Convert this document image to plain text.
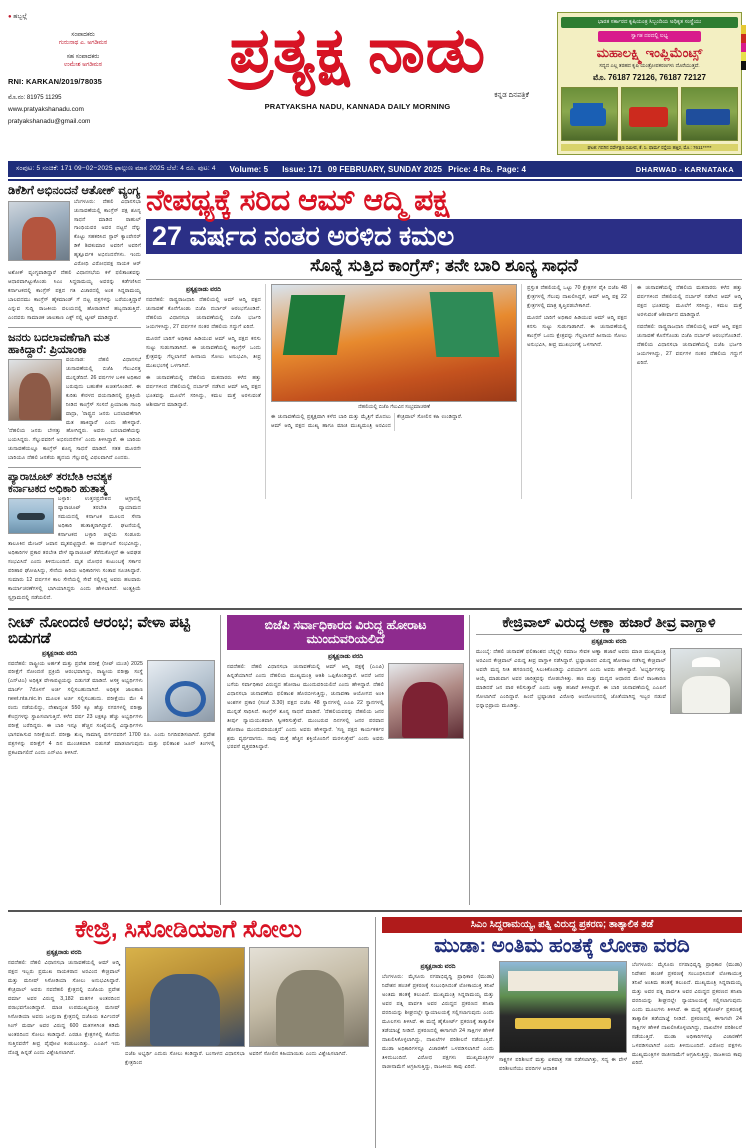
● ಹಬ್ಬಲ್ಲೆ
ಸಂಪಾದಕರು
ಗುರುನಾಥ ಎ. ಅಗಡಿಮಠ
ಸಹ ಸಂಪಾದಕರು
ಉಮೇಶ ಅಗಡಿಮಠ
RNI: KARKAN/2019/78035
ಮೊ.ನಂ: 81975 11295
www.pratyakshanadu.com
pratyakshanadu@gmail.com
ಪ್ರತ್ಯಕ್ಷ ನಾಡು
ಕನ್ನಡ ದಿನಪತ್ರಿಕೆ
PRATYAKSHA NADU, KANNADA DAILY MORNING
ಭಾರತ ಸರ್ಕಾರದ ಕೃಷಿಯಂತ್ರ ಸಿಬ್ಬಂದಿಯ ಅಧಿಕೃತ ಸಂಸ್ಥೆಯು
ಸ್ವಾಗತ ದರದಲ್ಲಿ ಲಭ್ಯ
ಮಹಾಲಕ್ಷ್ಮಿ ಇಂಪ್ಲಿಮೆಂಟ್ಸ್
ಸದ್ಯದ ಎಲ್ಲ ತರಹದ ಕೃಷಿ ಯಂತ್ರೋಪಕರಣಗಳು ದೊರೆಯುತ್ತವೆ.
ಮೊ. 76187 72126, 76187 72127
ಘಟಕ: ಗದಗಿನ ಸರ್ವೇಕ್ಷಣ ಸಮೀಪ, ಕೆ. ಸಿ. ಫಾರ್ಮ ರಸ್ತೆಯ ಹತ್ತಿರ, ಮೊ.: 7611*****
ಸಂಪುಟ: 5 ಸಂಚಿಕೆ: 171 09−02−2025 ಫಾಲ್ಗುಣ ಮಾಸ 2025 ಬೆಲೆ: 4 ರೂ. ಪುಟ: 4 Volume: 5 Issue: 171 09 FEBRUARY, SUNDAY 2025 Price: 4 Rs. Page: 4	DHARWAD - KARNATAKA
ಡಿಕೆಶಿಗೆ ಅಭಿನಂದನೆ ಆತೋಕ್ ವ್ಯಂಗ್ಯ
ಬೆಂಗಳೂರು: ದೆಹಲಿ ವಿಧಾನಸಭಾ ಚುನಾವಣೆಯಲ್ಲಿ ಕಾಂಗ್ರೆಸ್ ಪಕ್ಷ ಶೂನ್ಯ ಸಾಧನೆ ಮಾಡಿದ ರಾಹುಲ್ ಗಾಂಧಿಯವರ ಅವರ ದಟ್ಟನೆ ದೆನ್ನು ಕೊಟ್ಟು ಸಹಕರಿಸಿದ ಸ್ಟಾರ್ ಕ್ಯಾಂಪೇನರ್ ಡಿಕೆ ಶಿವಕುಮಾರ ಅವರಿಗೆ ಅವರಿಗೆ ಹೃತ್ಪೂರ್ವಕ ಅಭಿನಂದನೆಗಳು. ಇಂದು ವಿರೋಧಿ ವಿರೋಧಪಕ್ಷ ನಾಯಕ ಆರ್ ಅಶೋಕ್ ವ್ಯಂಗ್ಯವಾಡಿದ್ದಾರೆ ದೆಹಲಿ ವಿಧಾನಸಭೆಯ ಕಳೆ ಫಲಿತಾಂಶವನ್ನು ಆಧಾರವಾಗಿಟ್ಟುಕೊಂಡು ಸಿಎಂ ಸಿದ್ದರಾಮಯ್ಯ ಅವರನ್ನು ಕಡೆಗಣಿಸಿದ ಕರ್ನಾಟಕದಲ್ಲಿ ಕಾಂಗ್ರೆಸ್ ಪಕ್ಷದ ಗತಿ ವಿಚಾರದಲ್ಲಿ ಅಂತ ಸಿದ್ದರಾಮಯ್ಯ ಬಾಲವದಮು ಕಾಂಗ್ರೆಸ್ ಹೈಕಮಾಂಡ್ ಗೆ ದಟ್ಟ ಪತ್ರಗಳನ್ನು ಬರೆಯುತ್ತಿದ್ದಾರೆ ಎನ್ನುವ ಸುದ್ದಿ ರಾಜಕೀಯ ವಲಯದಲ್ಲಿ ಹೊರಾಡಗಿದೆ ಹಬ್ಬದಾಡುತ್ತಿದೆ. ಎಂದವರು ಸಾಮಾಜಿಕ ಜಾಲತಾಣ ಎಕ್ಸ್ ನಲ್ಲಿ ಟ್ವೀಟ್ ಮಾಡಿದ್ದಾರೆ.
ಜನರು ಬದಲಾವಣೆಗಾಗಿ ಮತ ಹಾಕಿದ್ದಾರೆ: ಪ್ರಿಯಾಂಕಾ
ವಯನಾಡ: ದೆಹಲಿ ವಿಧಾನಸಭೆ ಚುನಾವಣೆಯಲ್ಲಿ ಬಿಜೆಪಿ ಗೆಲುವಿನತ್ತ ಮುನ್ನಡೆದಿದೆ. 26 ವರ್ಷಗಳ ಬಳಿಕ ಅಧಿಕಾರ ಬರುವುದು ಬಹುತೇಕ ಖಚಿತಗೊಂಡಿದೆ. ಈ ಕುರಿತು ಕೇರಳದ ವಯನಾಡಿನಲ್ಲಿ ಪ್ರತಿಕ್ರಿಯೆ ನೀಡಿದ ಕಾಂಗ್ರೆಸ್ ಸಂಸದೆ ಪ್ರಿಯಾಂಕಾ ಗಾಂಧಿ ವಾದ್ರಾ, 'ರಾಷ್ಟ್ರದ ಜನರು ಬದಲಾವಣೆಗಾಗಿ ಮತ ಹಾಕಿದ್ದಾರೆ' ಎಂದು ಹೇಳಿದ್ದಾರೆ. 'ದೆಹಲಿಯ ಜನರು ಬೇಸತ್ತು ಹೋಗಿದ್ದರು. ಅವರು ಬದಲಾವಣೆಯನ್ನು ಬಯಸಿದ್ದರು. ಗೆಲ್ಲುವವರಿಗೆ ಅಭಿನಂದನೆಗಳ' ಎಂದು ತಿಳಿಸಿದ್ದಾರೆ. ಈ ಬಾರಿಯ ಚುನಾವಣೆಯಲ್ಲೂ ಕಾಂಗ್ರೆಸ್ ಶೂನ್ಯ ಸಾಧನೆ ಮಾಡಿದೆ. ಸತತ ಮೂರನೇ ಬಾರಿಯೂ ದೆಹಲಿ ಜನತೆಯ ಹೃದಯ ಗೆಲ್ಲುವಲ್ಲಿ ವಿಫಲವಾಗಿದೆ ಎಂದರು.
ಪ್ಯಾರಾಚೂಟ್ ತರಬೇತಿ ಆವಶ್ಯಕ ಕರ್ನಾಟಕದ ಅಧಿಕಾರಿ ಹುತಾತ್ಮ
ಬಳ್ಳಾರಿ: ಉತ್ತರಪ್ರದೇಶದ ಆಗ್ರಾದಲ್ಲಿ ಪ್ಯಾರಾಚೂಟ್ ತರಬೇತಿ ವ್ಯಾಯಾಮದ ಸಮಯದಲ್ಲಿ ಕರ್ನಾಟಕ ಮೂಲದ ಸೇನಾ ಅಧಿಕಾರಿ ಹುತಾತ್ಮರಾಗಿದ್ದಾರೆ. ಘಟನೆಯಲ್ಲಿ ಕರ್ನಾಟಕದ ಬಳ್ಳಾರಿ ಜಿಲ್ಲೆಯ ಸಂಡೂರು ತಾಲೂಕಿನ ಮೇಜರ್ ಜವಾನ ಮೃತಪಟ್ಟಿದ್ದಾರೆ. ಈ ದುರ್ಘಟನೆ ಸಂಭವಿಸಿದ್ದು, ಅಧಿಕಾರಿಗಳ ಪ್ರಕಾರ ತರಬೇತಿ ವೇಳೆ ಪ್ಯಾರಾಚೂಟ್ ತೆರೆದುಕೊಳ್ಳದೆ ಈ ಅವಘಡ ಸಂಭವಿಸಿದೆ ಎಂದು ತಿಳಿದುಬಂದಿದೆ. ಮೃತ ಯೋಧರ ಕುಟುಂಬಕ್ಕೆ ಸರ್ಕಾರ ಪರಿಹಾರ ಘೋಷಿಸಿದ್ದು, ಸೇನೆಯ ಹಿರಿಯ ಅಧಿಕಾರಿಗಳು ಸಂತಾಪ ಸೂಚಿಸಿದ್ದಾರೆ. ಸುಮಾರು 12 ವರ್ಷಗಳ ಕಾಲ ಸೇನೆಯಲ್ಲಿ ಸೇವೆ ಸಲ್ಲಿಸಿದ್ದ ಅವರು ಹಲವಾರು ಕಾರ್ಯಾಚರಣೆಗಳಲ್ಲಿ ಭಾಗಿಯಾಗಿದ್ದರು ಎಂದು ಹೇಳಲಾಗಿದೆ. ಅಂತ್ಯಕ್ರಿಯೆ ಸ್ವಗ್ರಾಮದಲ್ಲಿ ನಡೆಯಲಿದೆ.
ನೇಪಥ್ಯಕ್ಕೆ ಸರಿದ ಆಮ್ ಆದ್ಮಿ ಪಕ್ಷ
27 ವರ್ಷದ ನಂತರ ಅರಳಿದ ಕಮಲ
ಸೊನ್ನೆ ಸುತ್ತಿದ ಕಾಂಗ್ರೆಸ್; ತನೇ ಬಾರಿ ಶೂನ್ಯ ಸಾಧನೆ
ಪ್ರತ್ಯಕ್ಷನಾಡು ವರದಿ
ನವದೆಹಲಿ: ರಾಷ್ಟ್ರರಾಜಧಾನಿ ದೆಹಲಿಯಲ್ಲಿ ಆಮ್ ಆದ್ಮಿ ಪಕ್ಷದ ಚುನಾವಣೆ ಕೊನೆಗೊಂಡು ಬಿಜೆಪಿ ದರ್ಬಾರ್ ಆರಂಭಗೊಂಡಿದೆ. ದೆಹಲಿಯ ವಿಧಾನಸಭಾ ಚುನಾವಣೆಯಲ್ಲಿ ಬಿಜೆಪಿ ಭರ್ಜರಿ ಜಯಗಳಿಸಿದ್ದು, 27 ವರ್ಷಗಳ ನಂತರ ದೆಹಲಿಯ ಗದ್ದುಗೆ ಏರಿದೆ.
ಮೂರನೆ ಬಾರಿಗೆ ಅಧಿಕಾರ ಹಿಡಿಯುವ ಆಮ್ ಆದ್ಮಿ ಪಕ್ಷದ ಕನಸು ಸುಟ್ಟು ಸುಡುಗಾಡಾಗಿದೆ. ಈ ಚುನಾವಣೆಯಲ್ಲಿ ಕಾಂಗ್ರೆಸ್ ಒಂದು ಕ್ಷೇತ್ರವನ್ನು ಗೆಲ್ಲಲಾಗದೆ ಹೀನಾಯ ಸೋಲು ಅನುಭವಿಸಿ, ತೀವ್ರ ಮುಖಭಂಗಕ್ಕೆ ಒಳಗಾಗಿದೆ.
ಈ ಚುನಾವಣೆಯಲ್ಲಿ ದೆಹಲಿಯ ಮತದಾರರು ಕಳೆದ ಹತ್ತು ವರ್ಷಗಳಿಂದ ದೆಹಲಿಯಲ್ಲಿ ದರ್ಬಾರ್ ನಡೆಸಿದ ಆಮ್ ಆದ್ಮಿ ಪಕ್ಷದ ಭೂತವನ್ನು ಮೂಲೆಗೆ ಸರಿಸಿದ್ದು, ಕಮಲ ಮತ್ತೆ ಅರಳುವಂತೆ ಆಶೀರ್ವಾದ ಮಾಡಿದ್ದಾರೆ.	ದೆಹಲಿಯಲ್ಲಿ ಬಿಜೆಪಿ ಗೆಲುವಿನ ಸಂಭ್ರಮಾಚರಣೆ
ಈ ಚುನಾವಣೆಯಲ್ಲಿ ಪ್ರತ್ಯಕ್ಷವಾಗಿ ಕಳೆದ ಬಾರಿ ಮತ್ತು ಮೈತ್ರಿಗೆ ಮೊದಲು ಆಮ್ ಆದ್ಮಿ ಪಕ್ಷದ ಮುಖ್ಯ ಹಾಗೂ ಮಾಜಿ ಮುಖ್ಯಮಂತ್ರಿ ಅರವಿಂದ ಕೇಜ್ರಿವಾಲ್ ಸೋಲಿನ ಕಹಿ ಉಂಡಿದ್ದಾರೆ.
ಪ್ರಸ್ತುತ ದೆಹಲಿಯಲ್ಲಿ ಒಟ್ಟು 70 ಕ್ಷೇತ್ರಗಳ ಪೈಕಿ ಬಿಜೆಪಿ 48 ಕ್ಷೇತ್ರಗಳಲ್ಲಿ ಗೆಲುವು ದಾಖಲಿಸಿದ್ದರೆ, ಆಮ್ ಆದ್ಮಿ ಪಕ್ಷ 22 ಕ್ಷೇತ್ರಗಳಲ್ಲಿ ಮಾತ್ರ ತೃಪ್ತಿಪಡಬೇಕಾಗಿದೆ.
ಮೂರನೆ ಬಾರಿಗೆ ಅಧಿಕಾರ ಹಿಡಿಯುವ ಆಮ್ ಆದ್ಮಿ ಪಕ್ಷದ ಕನಸು ಸುಟ್ಟು ಸುಡುಗಾಡಾಗಿದೆ. ಈ ಚುನಾವಣೆಯಲ್ಲಿ ಕಾಂಗ್ರೆಸ್ ಒಂದು ಕ್ಷೇತ್ರವನ್ನು ಗೆಲ್ಲಲಾಗದೆ ಹೀನಾಯ ಸೋಲು ಅನುಭವಿಸಿ, ತೀವ್ರ ಮುಖಭಂಗಕ್ಕೆ ಒಳಗಾಗಿದೆ.
ಈ ಚುನಾವಣೆಯಲ್ಲಿ ದೆಹಲಿಯ ಮತದಾರರು ಕಳೆದ ಹತ್ತು ವರ್ಷಗಳಿಂದ ದೆಹಲಿಯಲ್ಲಿ ದರ್ಬಾರ್ ನಡೆಸಿದ ಆಮ್ ಆದ್ಮಿ ಪಕ್ಷದ ಭೂತವನ್ನು ಮೂಲೆಗೆ ಸರಿಸಿದ್ದು, ಕಮಲ ಮತ್ತೆ ಅರಳುವಂತೆ ಆಶೀರ್ವಾದ ಮಾಡಿದ್ದಾರೆ.
ನವದೆಹಲಿ: ರಾಷ್ಟ್ರರಾಜಧಾನಿ ದೆಹಲಿಯಲ್ಲಿ ಆಮ್ ಆದ್ಮಿ ಪಕ್ಷದ ಚುನಾವಣೆ ಕೊನೆಗೊಂಡು ಬಿಜೆಪಿ ದರ್ಬಾರ್ ಆರಂಭಗೊಂಡಿದೆ. ದೆಹಲಿಯ ವಿಧಾನಸಭಾ ಚುನಾವಣೆಯಲ್ಲಿ ಬಿಜೆಪಿ ಭರ್ಜರಿ ಜಯಗಳಿಸಿದ್ದು, 27 ವರ್ಷಗಳ ನಂತರ ದೆಹಲಿಯ ಗದ್ದುಗೆ ಏರಿದೆ.
ನೀಟ್ ನೋಂದಣಿ ಆರಂಭ; ವೇಳಾ ಪಟ್ಟಿ ಬಿಡುಗಡೆ
ಪ್ರತ್ಯಕ್ಷನಾಡು ವರದಿ
ನವದೆಹಲಿ: ರಾಷ್ಟ್ರೀಯ ಅರ್ಹತೆ ಮತ್ತು ಪ್ರವೇಶ ಪರೀಕ್ಷೆ (ನೀಟ್ ಯುಜಿ) 2025 ಪರೀಕ್ಷೆಗೆ ನೋಂದಣಿ ಪ್ರಕ್ರಿಯೆ ಆರಂಭವಾಗಿದ್ದು, ರಾಷ್ಟ್ರೀಯ ಪರೀಕ್ಷಾ ಸಂಸ್ಥೆ (ಎನ್‌ಟಿಎ) ಅಧಿಕೃತ ವೇಳಾಪಟ್ಟಿಯನ್ನು ಬಿಡುಗಡೆ ಮಾಡಿದೆ. ಆಸಕ್ತ ಅಭ್ಯರ್ಥಿಗಳು ಮಾರ್ಚ್ 7ರೊಳಗೆ ಅರ್ಜಿ ಸಲ್ಲಿಸಬಹುದಾಗಿದೆ. ಅಧಿಕೃತ ಜಾಲತಾಣ neet.nta.nic.in ಮೂಲಕ ಅರ್ಜಿ ಸಲ್ಲಿಸಬಹುದು. ಪರೀಕ್ಷೆಯು ಮೇ 4 ರಂದು ನಡೆಯಲಿದ್ದು, ದೇಶಾದ್ಯಂತ 550 ಕ್ಕೂ ಹೆಚ್ಚು ನಗರಗಳಲ್ಲಿ ಪರೀಕ್ಷಾ ಕೇಂದ್ರಗಳನ್ನು ಸ್ಥಾಪಿಸಲಾಗುತ್ತಿದೆ. ಕಳೆದ ವರ್ಷ 23 ಲಕ್ಷಕ್ಕೂ ಹೆಚ್ಚು ಅಭ್ಯರ್ಥಿಗಳು ಪರೀಕ್ಷೆ ಬರೆದಿದ್ದರು. ಈ ಬಾರಿ ಇನ್ನೂ ಹೆಚ್ಚಿನ ಸಂಖ್ಯೆಯಲ್ಲಿ ವಿದ್ಯಾರ್ಥಿಗಳು ಭಾಗವಹಿಸುವ ನಿರೀಕ್ಷೆಯಿದೆ. ಪರೀಕ್ಷಾ ಶುಲ್ಕ ಸಾಮಾನ್ಯ ವರ್ಗದವರಿಗೆ 1700 ರೂ. ಎಂದು ನಿಗದಿಪಡಿಸಲಾಗಿದೆ. ಪ್ರವೇಶ ಪತ್ರಗಳನ್ನು ಪರೀಕ್ಷೆಗೆ 4 ದಿನ ಮುಂಚಿತವಾಗಿ ಬಿಡುಗಡೆ ಮಾಡಲಾಗುವುದು ಮತ್ತು ಫಲಿತಾಂಶ ಜೂನ್ ತಿಂಗಳಲ್ಲಿ ಪ್ರಕಟವಾಗಲಿದೆ ಎಂದು ಎನ್‌ಟಿಎ ತಿಳಿಸಿದೆ.
ಬಿಜೆಪಿ ಸರ್ವಾಧಿಕಾರದ ವಿರುದ್ಧ ಹೋರಾಟ ಮುಂದುವರಿಯಲಿದೆ
ಪ್ರತ್ಯಕ್ಷನಾಡು ವರದಿ
ನವದೆಹಲಿ: ದೆಹಲಿ ವಿಧಾನಸಭಾ ಚುನಾವಣೆಯಲ್ಲಿ ಆಮ್ ಆದ್ಮಿ ಪಕ್ಷಕ್ಕೆ (ಎಎಪಿ) ಹಿನ್ನಡೆಯಾಗಿದೆ ಎಂದು ದೆಹಲಿಯ ಮುಖ್ಯಮಂತ್ರಿ ಆತಿಶಿ ಒಪ್ಪಿಕೊಂಡಿದ್ದಾರೆ. ಆದರೆ ಜನರ ಬಗೆಯ ಸರ್ವಾಧಿಕಾರ ವಿರುದ್ಧದ ಹೋರಾಟ ಮುಂದುವರಿಯಲಿದೆ ಎಂದು ಹೇಳಿದ್ದಾರೆ. ದೆಹಲಿ ವಿಧಾನಸಭಾ ಚುನಾವಣೆಯ ಫಲಿತಾಂಶ ಹೊರಬೀಳುತ್ತಿದ್ದು, ಚುನಾವಣಾ ಆಯೋಗದ ಅಂಕಿ ಅಂಶಗಳ ಪ್ರಕಾರ (ಸಂಜೆ 3.30) ಪಕ್ಷದ ಬಿಜೆಪಿ 48 ಸ್ಥಾನಗಳಲ್ಲಿ ಎಎಪಿ 22 ಸ್ಥಾನಗಳಲ್ಲಿ ಮುನ್ನಡೆ ಸಾಧಿಸಿದೆ. ಕಾಂಗ್ರೆಸ್ ಶೂನ್ಯ ಸಾಧನೆ ಮಾಡಿದೆ. 'ದೆಹಲಿಯವರನ್ನು ದೆಹಲಿಯ ಜನರ ತೀರ್ಪು ನ್ಯಾಯಯುತವಾಗಿ ಸ್ವೀಕರಿಸುತ್ತೇವೆ. ಮುಂಬರುವ ದಿನಗಳಲ್ಲಿ ಜನರ ಪರವಾದ ಹೋರಾಟ ಮುಂದುವರಿಯುತ್ತದೆ' ಎಂದು ಅವರು ಹೇಳಿದ್ದಾರೆ. 'ಸಣ್ಣ ಪಕ್ಷದ ಕಾರ್ಯಕರ್ತರ ಶ್ರಮ ವ್ಯರ್ಥವಾಗದು. ನಾವು ಮತ್ತೆ ಹೆಚ್ಚಿನ ಶಕ್ತಿಯೊಂದಿಗೆ ಮರಳುತ್ತೇವೆ' ಎಂದು ಅವರು ಭರವಸೆ ವ್ಯಕ್ತಪಡಿಸಿದ್ದಾರೆ.
ಕೇಜ್ರಿವಾಲ್ ವಿರುದ್ಧ ಅಣ್ಣಾ ಹಜಾರೆ ತೀವ್ರ ವಾಗ್ದಾಳಿ
ಪ್ರತ್ಯಕ್ಷನಾಡು ವರದಿ
ಮುಂಬೈ: ದೆಹಲಿ ಚುನಾವಣೆ ಫಲಿತಾಂಶದ ಬೆನ್ನಲ್ಲೇ ಸಮಾಜ ಸೇವಕ ಅಣ್ಣಾ ಹಜಾರೆ ಅವರು ಮಾಜಿ ಮುಖ್ಯಮಂತ್ರಿ ಅರವಿಂದ ಕೇಜ್ರಿವಾಲ್ ವಿರುದ್ಧ ತೀವ್ರ ವಾಗ್ದಾಳಿ ನಡೆಸಿದ್ದಾರೆ. ಭ್ರಷ್ಟಾಚಾರದ ವಿರುದ್ಧ ಹೋರಾಟ ನಡೆಸಿದ್ದ ಕೇಜ್ರಿವಾಲ್ ಅವರೇ ಮದ್ಯ ನೀತಿ ಹಗರಣದಲ್ಲಿ ಸಿಲುಕಿಕೊಂಡಿದ್ದು ವಿಪರ್ಯಾಸ ಎಂದು ಅವರು ಹೇಳಿದ್ದಾರೆ. 'ಅಭ್ಯರ್ಥಿಗಳನ್ನು ಆಯ್ಕೆ ಮಾಡುವಾಗ ಅವರ ಚಾರಿತ್ರ್ಯವನ್ನು ನೋಡಬೇಕಿತ್ತು. ಹಣ ಮತ್ತು ಮದ್ಯದ ಆಧಾರದ ಮೇಲೆ ರಾಜಕಾರಣ ಮಾಡಿದರೆ ಜನ ಪಾಠ ಕಲಿಸುತ್ತಾರೆ' ಎಂದು ಅಣ್ಣಾ ಹಜಾರೆ ತಿಳಿಸಿದ್ದಾರೆ. ಈ ಬಾರಿ ಚುನಾವಣೆಯಲ್ಲಿ ಎಎಪಿಗೆ ಸೋಲಾಗಿದೆ ಎಂದಿದ್ದಾರೆ. ಹಿಂದೆ ಭ್ರಷ್ಟಾಚಾರ ವಿರೋಧಿ ಆಂದೋಲನದಲ್ಲಿ ಜೊತೆಯಾಗಿದ್ದ ಇಬ್ಬರ ನಡುವೆ ಭಿನ್ನಾಭಿಪ್ರಾಯ ಮೂಡಿತ್ತು.
ಕೇಜ್ರಿ, ಸಿಸೋಡಿಯಾಗೆ ಸೋಲು
ಪ್ರತ್ಯಕ್ಷನಾಡು ವರದಿ
ನವದೆಹಲಿ: ದೆಹಲಿ ವಿಧಾನಸಭಾ ಚುನಾವಣೆಯಲ್ಲಿ ಆಮ್ ಆದ್ಮಿ ಪಕ್ಷದ ಇಬ್ಬರು ಪ್ರಮುಖ ನಾಯಕರಾದ ಅರವಿಂದ ಕೇಜ್ರಿವಾಲ್ ಮತ್ತು ಮನೀಷ್ ಸಿಸೋಡಿಯಾ ಸೋಲು ಅನುಭವಿಸಿದ್ದಾರೆ. ಕೇಜ್ರಿವಾಲ್ ಅವರು ನವದೆಹಲಿ ಕ್ಷೇತ್ರದಲ್ಲಿ ಬಿಜೆಪಿಯ ಪ್ರವೇಶ ವರ್ಮಾ ಅವರ ವಿರುದ್ಧ 3,182 ಮತಗಳ ಅಂತರದಿಂದ ಪರಾಭವಗೊಂಡಿದ್ದಾರೆ. ಮಾಜಿ ಉಪಮುಖ್ಯಮಂತ್ರಿ ಮನೀಷ್ ಸಿಸೋಡಿಯಾ ಅವರು ಜಂಗ್ಪುರಾ ಕ್ಷೇತ್ರದಲ್ಲಿ ಬಿಜೆಪಿಯ ತರ್ವಿಂದರ್ ಸಿಂಗ್ ಮರ್ವಾ ಅವರ ವಿರುದ್ಧ 600 ಮತಗಳಿಗಿಂತ ಕಡಿಮೆ ಅಂತರದಿಂದ ಸೋಲು ಕಂಡಿದ್ದಾರೆ. ಎರಡೂ ಕ್ಷೇತ್ರಗಳಲ್ಲಿ ಕೊನೆಯ ಸುತ್ತಿನವರೆಗೆ ತೀವ್ರ ಪೈಪೋಟಿ ಕಂಡುಬಂದಿತ್ತು. ಎಎಪಿಗೆ ಇದು ದೊಡ್ಡ ಹಿನ್ನಡೆ ಎಂದು ವಿಶ್ಲೇಷಿಸಲಾಗಿದೆ.	ಬಿಜೆಪಿ ಅಭ್ಯರ್ಥಿ ಎದುರು ಸೋಲು ಕಂಡಿದ್ದಾರೆ. ಬಂಗಾಳದ ವಿಧಾನಸಭಾ ಕ್ಷೇತ್ರದಿಂದ
ಅವರಿಗೆ ಸೋಲಿನ ಕಹಿಯಾಯಿತು ಎಂದು ವಿಶ್ಲೇಷಿಸಲಾಗಿದೆ.
ಸಿಎಂ ಸಿದ್ದರಾಮಯ್ಯ, ಪತ್ನಿ ವಿರುದ್ಧ ಪ್ರಕರಣ; ತಾತ್ಕಾಲಿಕ ತಡೆ
ಮುಡಾ: ಅಂತಿಮ ಹಂತಕ್ಕೆ ಲೋಕಾ ವರದಿ
ಪ್ರತ್ಯಕ್ಷನಾಡು ವರದಿ
ಬೆಂಗಳೂರು: ಮೈಸೂರು ನಗರಾಭಿವೃದ್ಧಿ ಪ್ರಾಧಿಕಾರ (ಮುಡಾ) ನಿವೇಶನ ಹಂಚಿಕೆ ಪ್ರಕರಣಕ್ಕೆ ಸಂಬಂಧಿಸಿದಂತೆ ಲೋಕಾಯುಕ್ತ ತನಿಖೆ ಅಂತಿಮ ಹಂತಕ್ಕೆ ತಲುಪಿದೆ. ಮುಖ್ಯಮಂತ್ರಿ ಸಿದ್ದರಾಮಯ್ಯ ಮತ್ತು ಅವರ ಪತ್ನಿ ಪಾರ್ವತಿ ಅವರ ವಿರುದ್ಧದ ಪ್ರಕರಣದ ತನಿಖಾ ವರದಿಯನ್ನು ಶೀಘ್ರದಲ್ಲೇ ನ್ಯಾಯಾಲಯಕ್ಕೆ ಸಲ್ಲಿಸಲಾಗುವುದು ಎಂದು ಮೂಲಗಳು ತಿಳಿಸಿವೆ. ಈ ಮಧ್ಯೆ ಹೈಕೋರ್ಟ್ ಪ್ರಕರಣಕ್ಕೆ ತಾತ್ಕಾಲಿಕ ತಡೆಯಾಜ್ಞೆ ನೀಡಿದೆ. ಪ್ರಕರಣದಲ್ಲಿ ಈಗಾಗಲೇ 24 ಸಾಕ್ಷಿಗಳ ಹೇಳಿಕೆ ದಾಖಲಿಸಿಕೊಳ್ಳಲಾಗಿದ್ದು, ದಾಖಲೆಗಳ ಪರಿಶೀಲನೆ ನಡೆಯುತ್ತಿದೆ. ಮುಡಾ ಅಧಿಕಾರಿಗಳನ್ನೂ ವಿಚಾರಣೆಗೆ ಒಳಪಡಿಸಲಾಗಿದೆ ಎಂದು ತಿಳಿದುಬಂದಿದೆ. ವಿರೋಧ ಪಕ್ಷಗಳು ಮುಖ್ಯಮಂತ್ರಿಗಳ ರಾಜೀನಾಮೆಗೆ ಆಗ್ರಹಿಸುತ್ತಿದ್ದು, ರಾಜಕೀಯ ಕಾವು ಏರಿದೆ.
ಸಾಕ್ಷ್ಯಗಳ ಪರಿಶೀಲನೆ ಮತ್ತು ಏಕಪಾತ್ರ ಸಹ ನಡೆಸಲಾಗಿತ್ತು, ಸದ್ಯ ಈ ವೇಳೆ ಪರಿಶೀಲನೆಯು ವರದಿಗಳ ಆಧಾರಿತ
ಬೆಂಗಳೂರು: ಮೈಸೂರು ನಗರಾಭಿವೃದ್ಧಿ ಪ್ರಾಧಿಕಾರ (ಮುಡಾ) ನಿವೇಶನ ಹಂಚಿಕೆ ಪ್ರಕರಣಕ್ಕೆ ಸಂಬಂಧಿಸಿದಂತೆ ಲೋಕಾಯುಕ್ತ ತನಿಖೆ ಅಂತಿಮ ಹಂತಕ್ಕೆ ತಲುಪಿದೆ. ಮುಖ್ಯಮಂತ್ರಿ ಸಿದ್ದರಾಮಯ್ಯ ಮತ್ತು ಅವರ ಪತ್ನಿ ಪಾರ್ವತಿ ಅವರ ವಿರುದ್ಧದ ಪ್ರಕರಣದ ತನಿಖಾ ವರದಿಯನ್ನು ಶೀಘ್ರದಲ್ಲೇ ನ್ಯಾಯಾಲಯಕ್ಕೆ ಸಲ್ಲಿಸಲಾಗುವುದು ಎಂದು ಮೂಲಗಳು ತಿಳಿಸಿವೆ. ಈ ಮಧ್ಯೆ ಹೈಕೋರ್ಟ್ ಪ್ರಕರಣಕ್ಕೆ ತಾತ್ಕಾಲಿಕ ತಡೆಯಾಜ್ಞೆ ನೀಡಿದೆ. ಪ್ರಕರಣದಲ್ಲಿ ಈಗಾಗಲೇ 24 ಸಾಕ್ಷಿಗಳ ಹೇಳಿಕೆ ದಾಖಲಿಸಿಕೊಳ್ಳಲಾಗಿದ್ದು, ದಾಖಲೆಗಳ ಪರಿಶೀಲನೆ ನಡೆಯುತ್ತಿದೆ. ಮುಡಾ ಅಧಿಕಾರಿಗಳನ್ನೂ ವಿಚಾರಣೆಗೆ ಒಳಪಡಿಸಲಾಗಿದೆ ಎಂದು ತಿಳಿದುಬಂದಿದೆ. ವಿರೋಧ ಪಕ್ಷಗಳು ಮುಖ್ಯಮಂತ್ರಿಗಳ ರಾಜೀನಾಮೆಗೆ ಆಗ್ರಹಿಸುತ್ತಿದ್ದು, ರಾಜಕೀಯ ಕಾವು ಏರಿದೆ.
